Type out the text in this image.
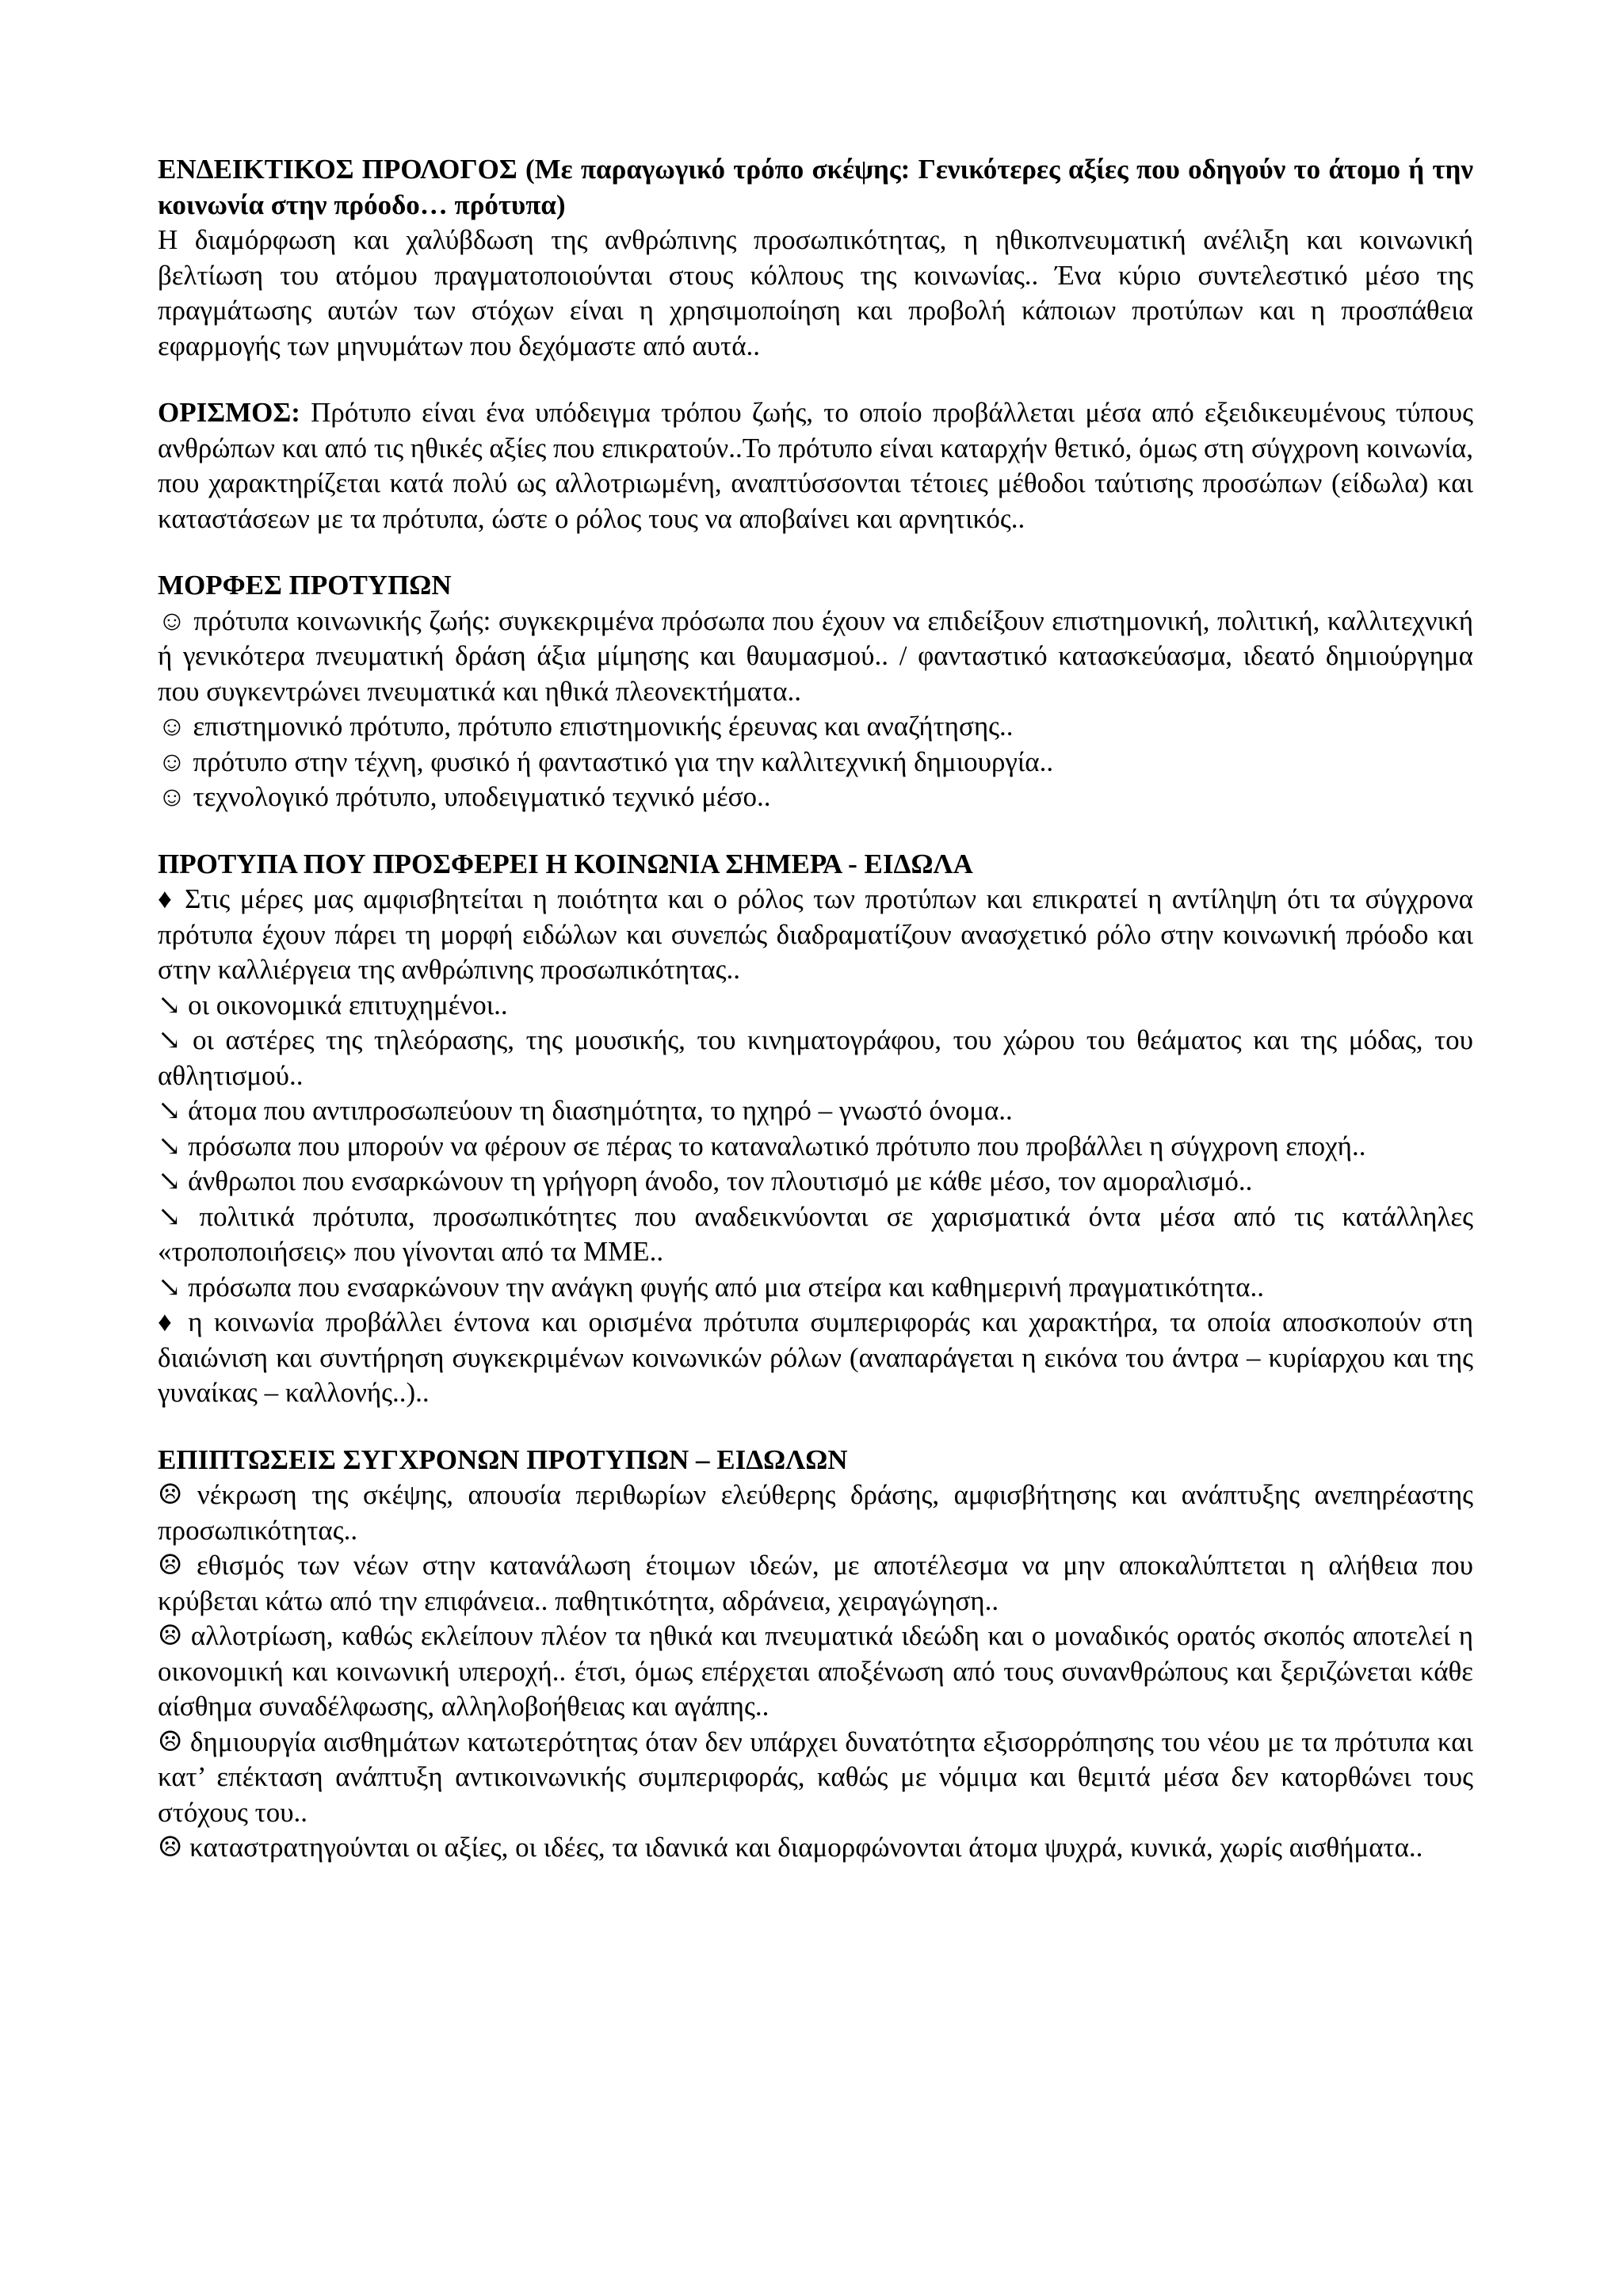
ΕΝΔΕΙΚΤΙΚΟΣ ΠΡΟΛΟΓΟΣ (Με παραγωγικό τρόπο σκέψης: Γενικότερες αξίες που οδηγούν το άτομο ή την κοινωνία στην πρόοδο… πρότυπα)

Η διαμόρφωση και χαλύβδωση της ανθρώπινης προσωπικότητας, η ηθικοπνευματική ανέλιξη και κοινωνική βελτίωση του ατόμου πραγματοποιούνται στους κόλπους της κοινωνίας.. Ένα κύριο συντελεστικό μέσο της πραγμάτωσης αυτών των στόχων είναι η χρησιμοποίηση και προβολή κάποιων προτύπων και η προσπάθεια εφαρμογής των μηνυμάτων που δεχόμαστε από αυτά..

ΟΡΙΣΜΟΣ: Πρότυπο είναι ένα υπόδειγμα τρόπου ζωής, το οποίο προβάλλεται μέσα από εξειδικευμένους τύπους ανθρώπων και από τις ηθικές αξίες που επικρατούν..Το πρότυπο είναι καταρχήν θετικό, όμως στη σύγχρονη κοινωνία, που χαρακτηρίζεται κατά πολύ ως αλλοτριωμένη, αναπτύσσονται τέτοιες μέθοδοι ταύτισης προσώπων (είδωλα) και καταστάσεων με τα πρότυπα, ώστε ο ρόλος τους να αποβαίνει και αρνητικός..

ΜΟΡΦΕΣ ΠΡΟΤΥΠΩΝ

☺ πρότυπα κοινωνικής ζωής: συγκεκριμένα πρόσωπα που έχουν να επιδείξουν επιστημονική, πολιτική, καλλιτεχνική ή γενικότερα πνευματική δράση άξια μίμησης και θαυμασμού.. / φανταστικό κατασκεύασμα, ιδεατό δημιούργημα που συγκεντρώνει πνευματικά και ηθικά πλεονεκτήματα..

☺ επιστημονικό πρότυπο, πρότυπο επιστημονικής έρευνας και αναζήτησης..

☺ πρότυπο στην τέχνη, φυσικό ή φανταστικό για την καλλιτεχνική δημιουργία..

☺ τεχνολογικό πρότυπο, υποδειγματικό τεχνικό μέσο..

ΠΡΟΤΥΠΑ ΠΟΥ ΠΡΟΣΦΕΡΕΙ Η ΚΟΙΝΩΝΙΑ ΣΗΜΕΡΑ - ΕΙΔΩΛΑ

♦ Στις μέρες μας αμφισβητείται η ποιότητα και ο ρόλος των προτύπων και επικρατεί η αντίληψη ότι τα σύγχρονα πρότυπα έχουν πάρει τη μορφή ειδώλων και συνεπώς διαδραματίζουν ανασχετικό ρόλο στην κοινωνική πρόοδο και στην καλλιέργεια της ανθρώπινης προσωπικότητας..

↘ οι οικονομικά επιτυχημένοι..

↘ οι αστέρες της τηλεόρασης, της μουσικής, του κινηματογράφου, του χώρου του θεάματος και της μόδας, του αθλητισμού..

↘ άτομα που αντιπροσωπεύουν τη διασημότητα, το ηχηρό – γνωστό όνομα..

↘ πρόσωπα που μπορούν να φέρουν σε πέρας το καταναλωτικό πρότυπο που προβάλλει η σύγχρονη εποχή..

↘ άνθρωποι που ενσαρκώνουν τη γρήγορη άνοδο, τον πλουτισμό με κάθε μέσο, τον αμοραλισμό..

↘ πολιτικά πρότυπα, προσωπικότητες που αναδεικνύονται σε χαρισματικά όντα μέσα από τις κατάλληλες «τροποποιήσεις» που γίνονται από τα ΜΜΕ..

↘ πρόσωπα που ενσαρκώνουν την ανάγκη φυγής από μια στείρα και καθημερινή πραγματικότητα..

♦ η κοινωνία προβάλλει έντονα και ορισμένα πρότυπα συμπεριφοράς και χαρακτήρα, τα οποία αποσκοπούν στη διαιώνιση και συντήρηση συγκεκριμένων κοινωνικών ρόλων (αναπαράγεται η εικόνα του άντρα – κυρίαρχου και της γυναίκας – καλλονής..)..

ΕΠΙΠΤΩΣΕΙΣ ΣΥΓΧΡΟΝΩΝ ΠΡΟΤΥΠΩΝ – ΕΙΔΩΛΩΝ

☹ νέκρωση της σκέψης, απουσία περιθωρίων ελεύθερης δράσης, αμφισβήτησης και ανάπτυξης ανεπηρέαστης προσωπικότητας..

☹ εθισμός των νέων στην κατανάλωση έτοιμων ιδεών, με αποτέλεσμα να μην αποκαλύπτεται η αλήθεια που κρύβεται κάτω από την επιφάνεια.. παθητικότητα, αδράνεια, χειραγώγηση..

☹ αλλοτρίωση, καθώς εκλείπουν πλέον τα ηθικά και πνευματικά ιδεώδη και ο μοναδικός ορατός σκοπός αποτελεί η οικονομική και κοινωνική υπεροχή.. έτσι, όμως επέρχεται αποξένωση από τους συνανθρώπους και ξεριζώνεται κάθε αίσθημα συναδέλφωσης, αλληλοβοήθειας και αγάπης..

☹ δημιουργία αισθημάτων κατωτερότητας όταν δεν υπάρχει δυνατότητα εξισορρόπησης του νέου με τα πρότυπα και κατ’ επέκταση ανάπτυξη αντικοινωνικής συμπεριφοράς, καθώς με νόμιμα και θεμιτά μέσα δεν κατορθώνει τους στόχους του..

☹ καταστρατηγούνται οι αξίες, οι ιδέες, τα ιδανικά και διαμορφώνονται άτομα ψυχρά, κυνικά, χωρίς αισθήματα..
